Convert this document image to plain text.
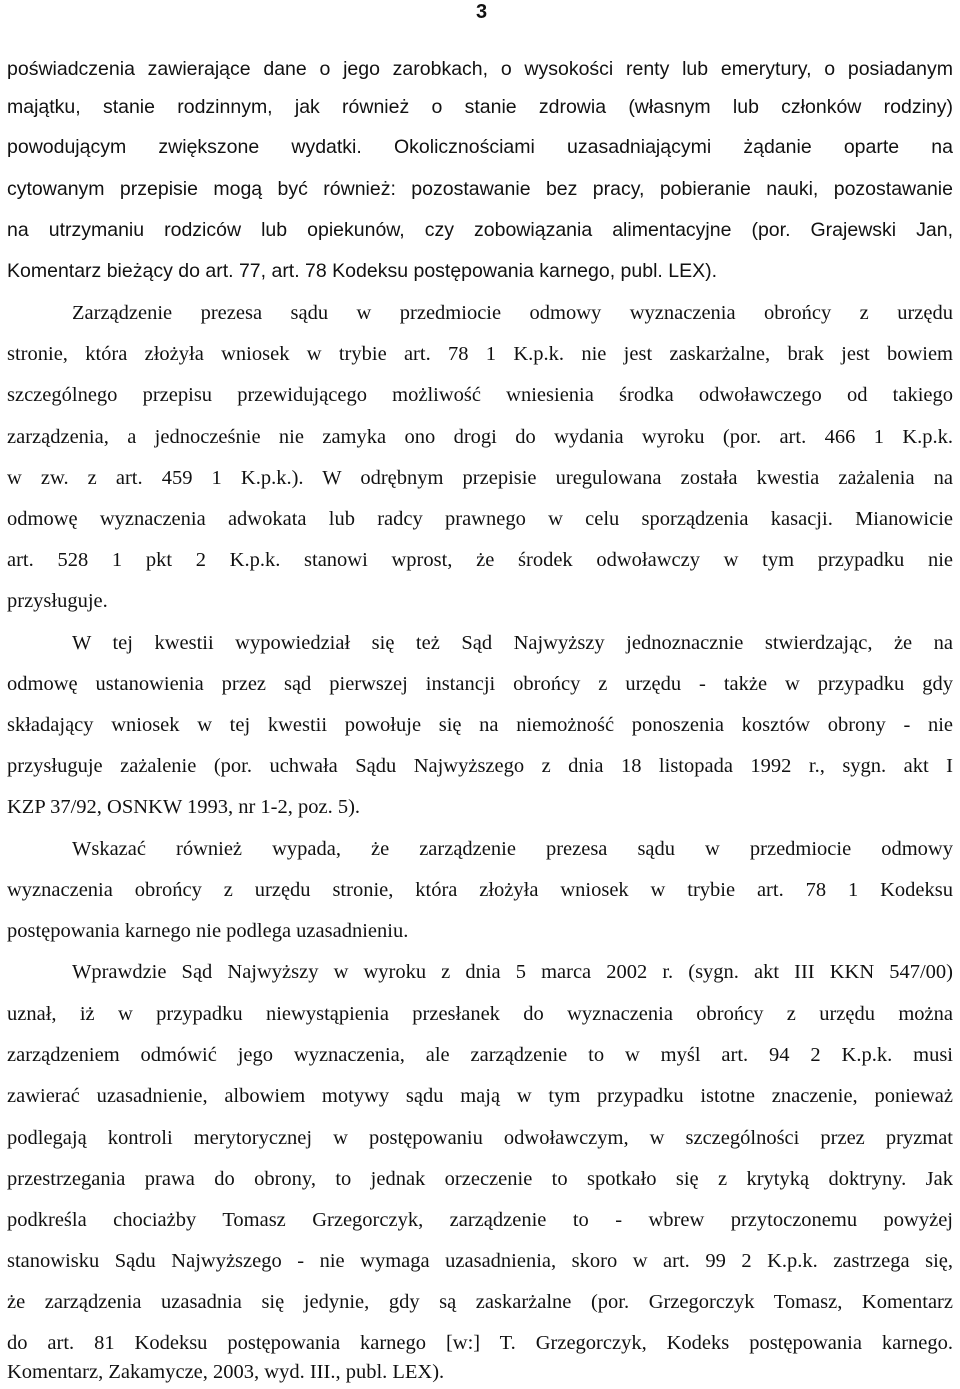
3
poświadczenia zawierające dane o jego zarobkach, o wysokości renty lub emerytury, o posiadanym
majątku, stanie rodzinnym, jak również o stanie zdrowia (własnym lub członków rodziny)
powodującym zwiększone wydatki. Okolicznościami uzasadniającymi żądanie oparte na
cytowanym przepisie mogą być również: pozostawanie bez pracy, pobieranie nauki, pozostawanie
na utrzymaniu rodziców lub opiekunów, czy zobowiązania alimentacyjne (por. Grajewski Jan,
Komentarz bieżący do art. 77, art. 78 Kodeksu postępowania karnego, publ. LEX).
Zarządzenie prezesa sądu w przedmiocie odmowy wyznaczenia obrońcy z urzędu
stronie, która złożyła wniosek w trybie art. 78 1 K.p.k. nie jest zaskarżalne, brak jest bowiem
szczególnego przepisu przewidującego możliwość wniesienia środka odwoławczego od takiego
zarządzenia, a jednocześnie nie zamyka ono drogi do wydania wyroku (por. art. 466 1 K.p.k.
w zw. z art. 459 1 K.p.k.). W odrębnym przepisie uregulowana została kwestia zażalenia na
odmowę wyznaczenia adwokata lub radcy prawnego w celu sporządzenia kasacji. Mianowicie
art. 528 1 pkt 2 K.p.k. stanowi wprost, że środek odwoławczy w tym przypadku nie
przysługuje.
W tej kwestii wypowiedział się też Sąd Najwyższy jednoznacznie stwierdzając, że na
odmowę ustanowienia przez sąd pierwszej instancji obrońcy z urzędu - także w przypadku gdy
składający wniosek w tej kwestii powołuje się na niemożność ponoszenia kosztów obrony - nie
przysługuje zażalenie (por. uchwała Sądu Najwyższego z dnia 18 listopada 1992 r., sygn. akt I
KZP 37/92, OSNKW 1993, nr 1-2, poz. 5).
Wskazać również wypada, że zarządzenie prezesa sądu w przedmiocie odmowy
wyznaczenia obrońcy z urzędu stronie, która złożyła wniosek w trybie art. 78 1 Kodeksu
postępowania karnego nie podlega uzasadnieniu.
Wprawdzie Sąd Najwyższy w wyroku z dnia 5 marca 2002 r. (sygn. akt III KKN 547/00)
uznał, iż w przypadku niewystąpienia przesłanek do wyznaczenia obrońcy z urzędu można
zarządzeniem odmówić jego wyznaczenia, ale zarządzenie to w myśl art. 94 2 K.p.k. musi
zawierać uzasadnienie, albowiem motywy sądu mają w tym przypadku istotne znaczenie, ponieważ
podlegają kontroli merytorycznej w postępowaniu odwoławczym, w szczególności przez pryzmat
przestrzegania prawa do obrony, to jednak orzeczenie to spotkało się z krytyką doktryny. Jak
podkreśla chociażby Tomasz Grzegorczyk, zarządzenie to - wbrew przytoczonemu powyżej
stanowisku Sądu Najwyższego - nie wymaga uzasadnienia, skoro w art. 99 2 K.p.k. zastrzega się,
że zarządzenia uzasadnia się jedynie, gdy są zaskarżalne (por. Grzegorczyk Tomasz, Komentarz
do art. 81 Kodeksu postępowania karnego [w:] T. Grzegorczyk, Kodeks postępowania karnego.
Komentarz, Zakamycze, 2003, wyd. III., publ. LEX).
